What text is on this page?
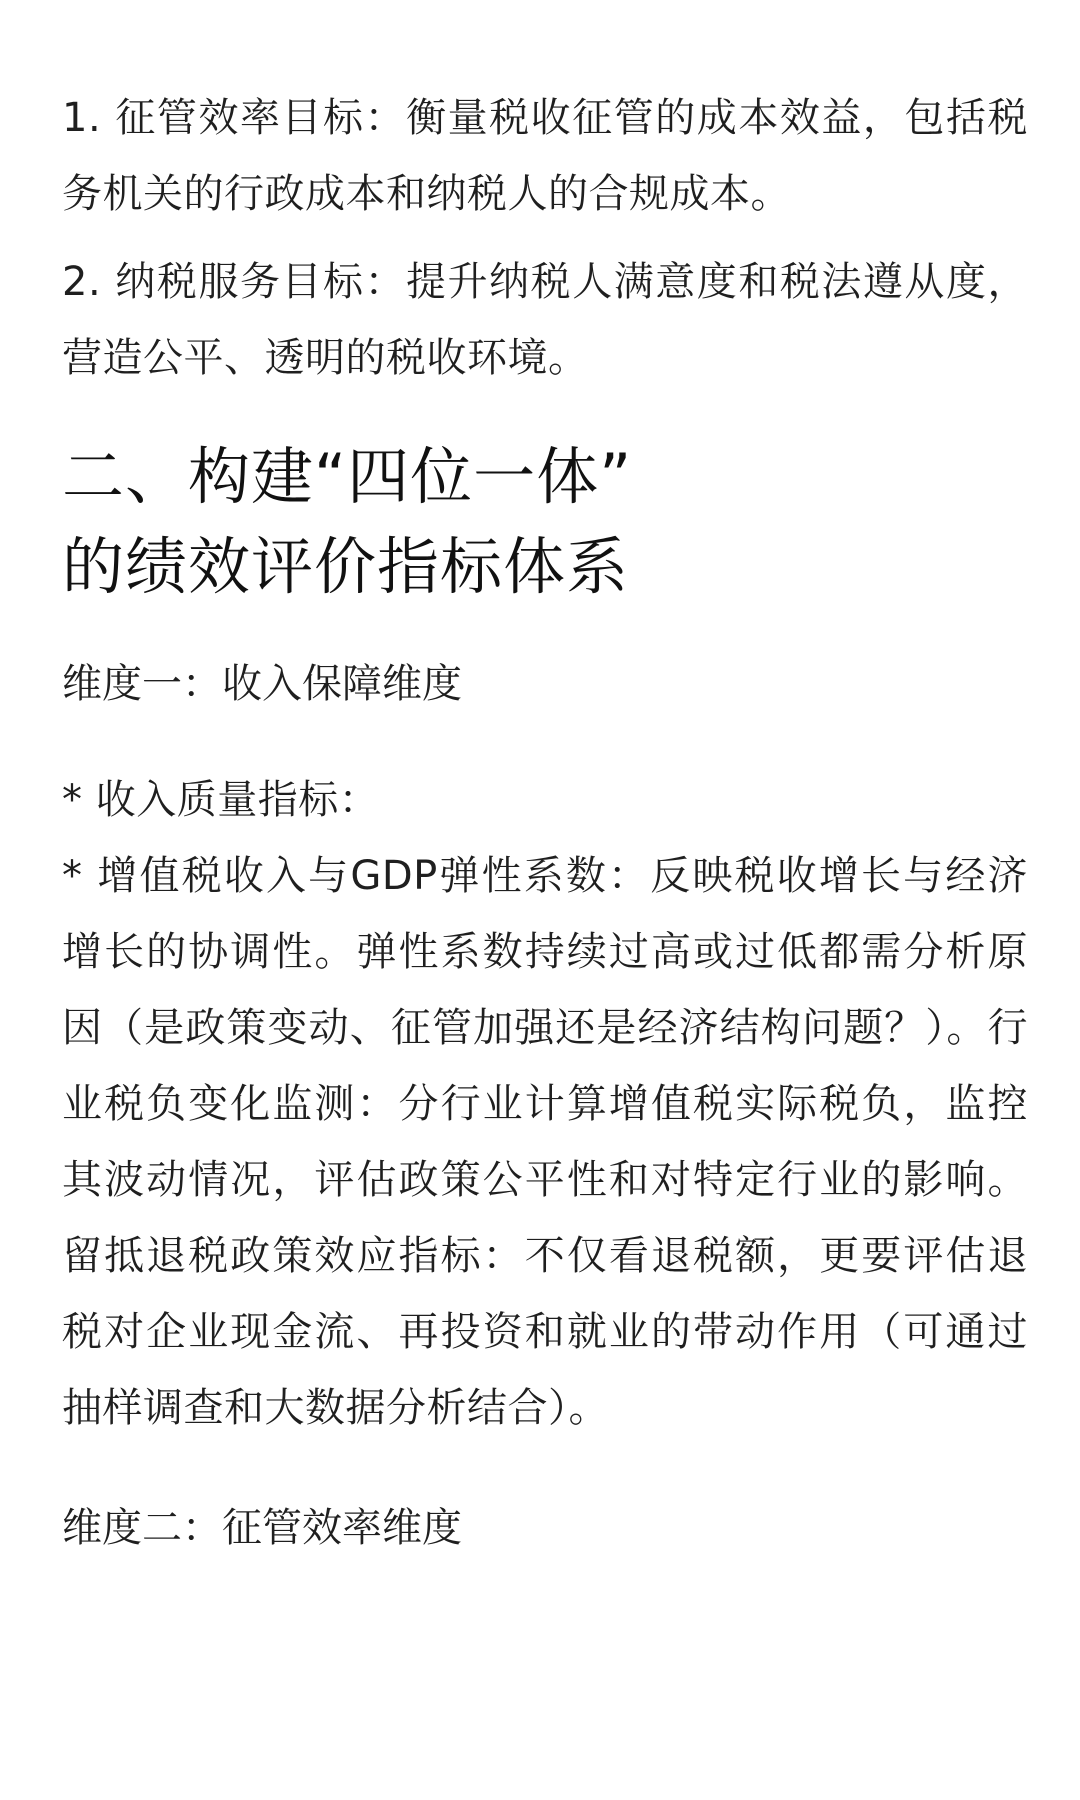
1. 征管效率目标：衡量税收征管的成本效益，包括税务机关的行政成本和纳税人的合规成本。

2. 纳税服务目标：提升纳税人满意度和税法遵从度，营造公平、透明的税收环境。

二、构建“四位一体”
的绩效评价指标体系

维度一：收入保障维度

* 收入质量指标：

* 增值税收入与GDP弹性系数：反映税收增长与经济增长的协调性。弹性系数持续过高或过低都需分析原因（是政策变动、征管加强还是经济结构问题？）。行业税负变化监测：分行业计算增值税实际税负，监控其波动情况，评估政策公平性和对特定行业的影响。留抵退税政策效应指标：不仅看退税额，更要评估退税对企业现金流、再投资和就业的带动作用（可通过抽样调查和大数据分析结合）。

维度二：征管效率维度
